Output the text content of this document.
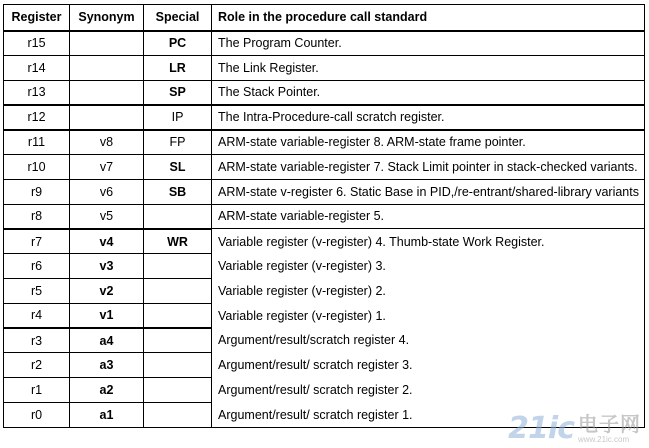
Register	Synonym	Special	Role in the procedure call standard
r15		PC	The Program Counter.
r14		LR	The Link Register.
r13		SP	The Stack Pointer.
r12		IP	The Intra-Procedure-call scratch register.
r11	v8	FP	ARM-state variable-register 8. ARM-state frame pointer.
r10	v7	SL	ARM-state variable-register 7. Stack Limit pointer in stack-checked variants.
r9	v6	SB	ARM-state v-register 6. Static Base in PID,/re-entrant/shared-library variants
r8	v5		ARM-state variable-register 5.
r7	v4	WR	Variable register (v-register) 4. Thumb-state Work Register.
r6	v3		Variable register (v-register) 3.
r5	v2		Variable register (v-register) 2.
r4	v1		Variable register (v-register) 1.
r3	a4		Argument/result/scratch register 4.
r2	a3		Argument/result/ scratch register 3.
r1	a2		Argument/result/ scratch register 2.
r0	a1		Argument/result/ scratch register 1.	21ic 电子网
www.21ic.com
